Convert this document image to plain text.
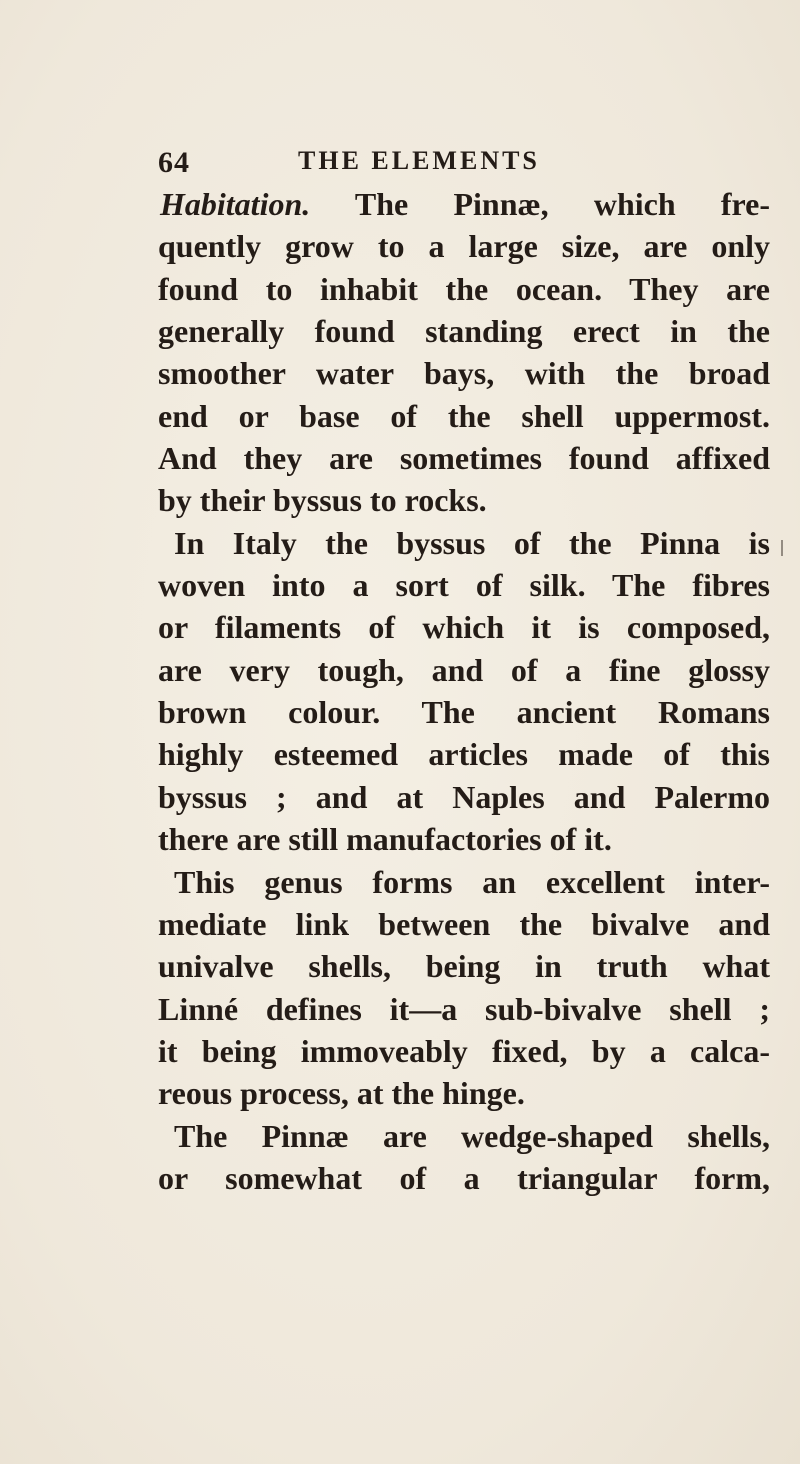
64	THE ELEMENTS
Habitation. The Pinnæ, which fre-
quently grow to a large size, are only
found to inhabit the ocean. They are
generally found standing erect in the
smoother water bays, with the broad
end or base of the shell uppermost.
And they are sometimes found affixed
by their byssus to rocks.
In Italy the byssus of the Pinna is
woven into a sort of silk. The fibres
or filaments of which it is composed,
are very tough, and of a fine glossy
brown colour. The ancient Romans
highly esteemed articles made of this
byssus ; and at Naples and Palermo
there are still manufactories of it.
This genus forms an excellent inter-
mediate link between the bivalve and
univalve shells, being in truth what
Linné defines it—a sub-bivalve shell ;
it being immoveably fixed, by a calca-
reous process, at the hinge.
The Pinnæ are wedge-shaped shells,
or somewhat of a triangular form,
